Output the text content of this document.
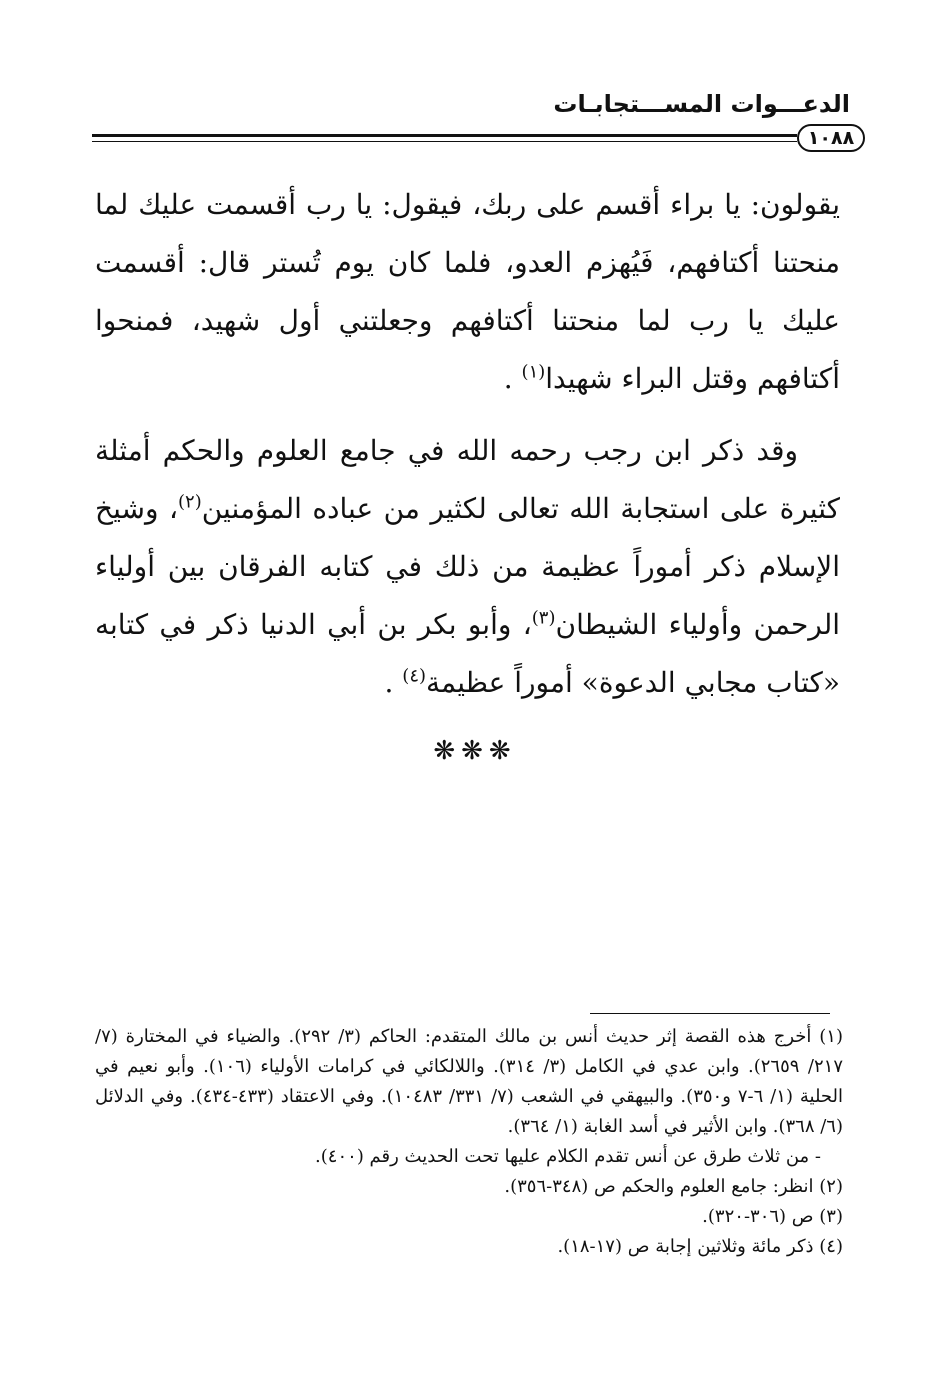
الدعـــوات المســـتجابـات
١٠٨٨

يقولون: يا براء أقسم على ربك، فيقول: يا رب أقسمت عليك لما منحتنا أكتافهم، فَيُهزم العدو، فلما كان يوم تُستر قال: أقسمت عليك يا رب لما منحتنا أكتافهم وجعلتني أول شهيد، فمنحوا أكتافهم وقتل البراء شهيدا$^{(١)}$ .

وقد ذكر ابن رجب رحمه الله في جامع العلوم والحكم أمثلة كثيرة على استجابة الله تعالى لكثير من عباده المؤمنين$^{(٢)}$، وشيخ الإسلام ذكر أموراً عظيمة من ذلك في كتابه الفرقان بين أولياء الرحمن وأولياء الشيطان$^{(٣)}$، وأبو بكر بن أبي الدنيا ذكر في كتابه «كتاب مجابي الدعوة» أموراً عظيمة$^{(٤)}$ .

❋❋❋

(١) أخرج هذه القصة إثر حديث أنس بن مالك المتقدم: الحاكم (٣/ ٢٩٢). والضياء في المختارة (٧/ ٢١٧/ ٢٦٥٩). وابن عدي في الكامل (٣/ ٣١٤). واللالكائي في كرامات الأولياء (١٠٦). وأبو نعيم في الحلية (١/ ٦-٧ و٣٥٠). والبيهقي في الشعب (٧/ ٣٣١/ ١٠٤٨٣). وفي الاعتقاد (٤٣٣-٤٣٤). وفي الدلائل (٦/ ٣٦٨). وابن الأثير في أسد الغابة (١/ ٣٦٤).

- من ثلاث طرق عن أنس تقدم الكلام عليها تحت الحديث رقم (٤٠٠).

(٢) انظر: جامع العلوم والحكم ص (٣٤٨-٣٥٦).

(٣) ص (٣٠٦-٣٢٠).

(٤) ذكر مائة وثلاثين إجابة ص (١٧-١٨).
